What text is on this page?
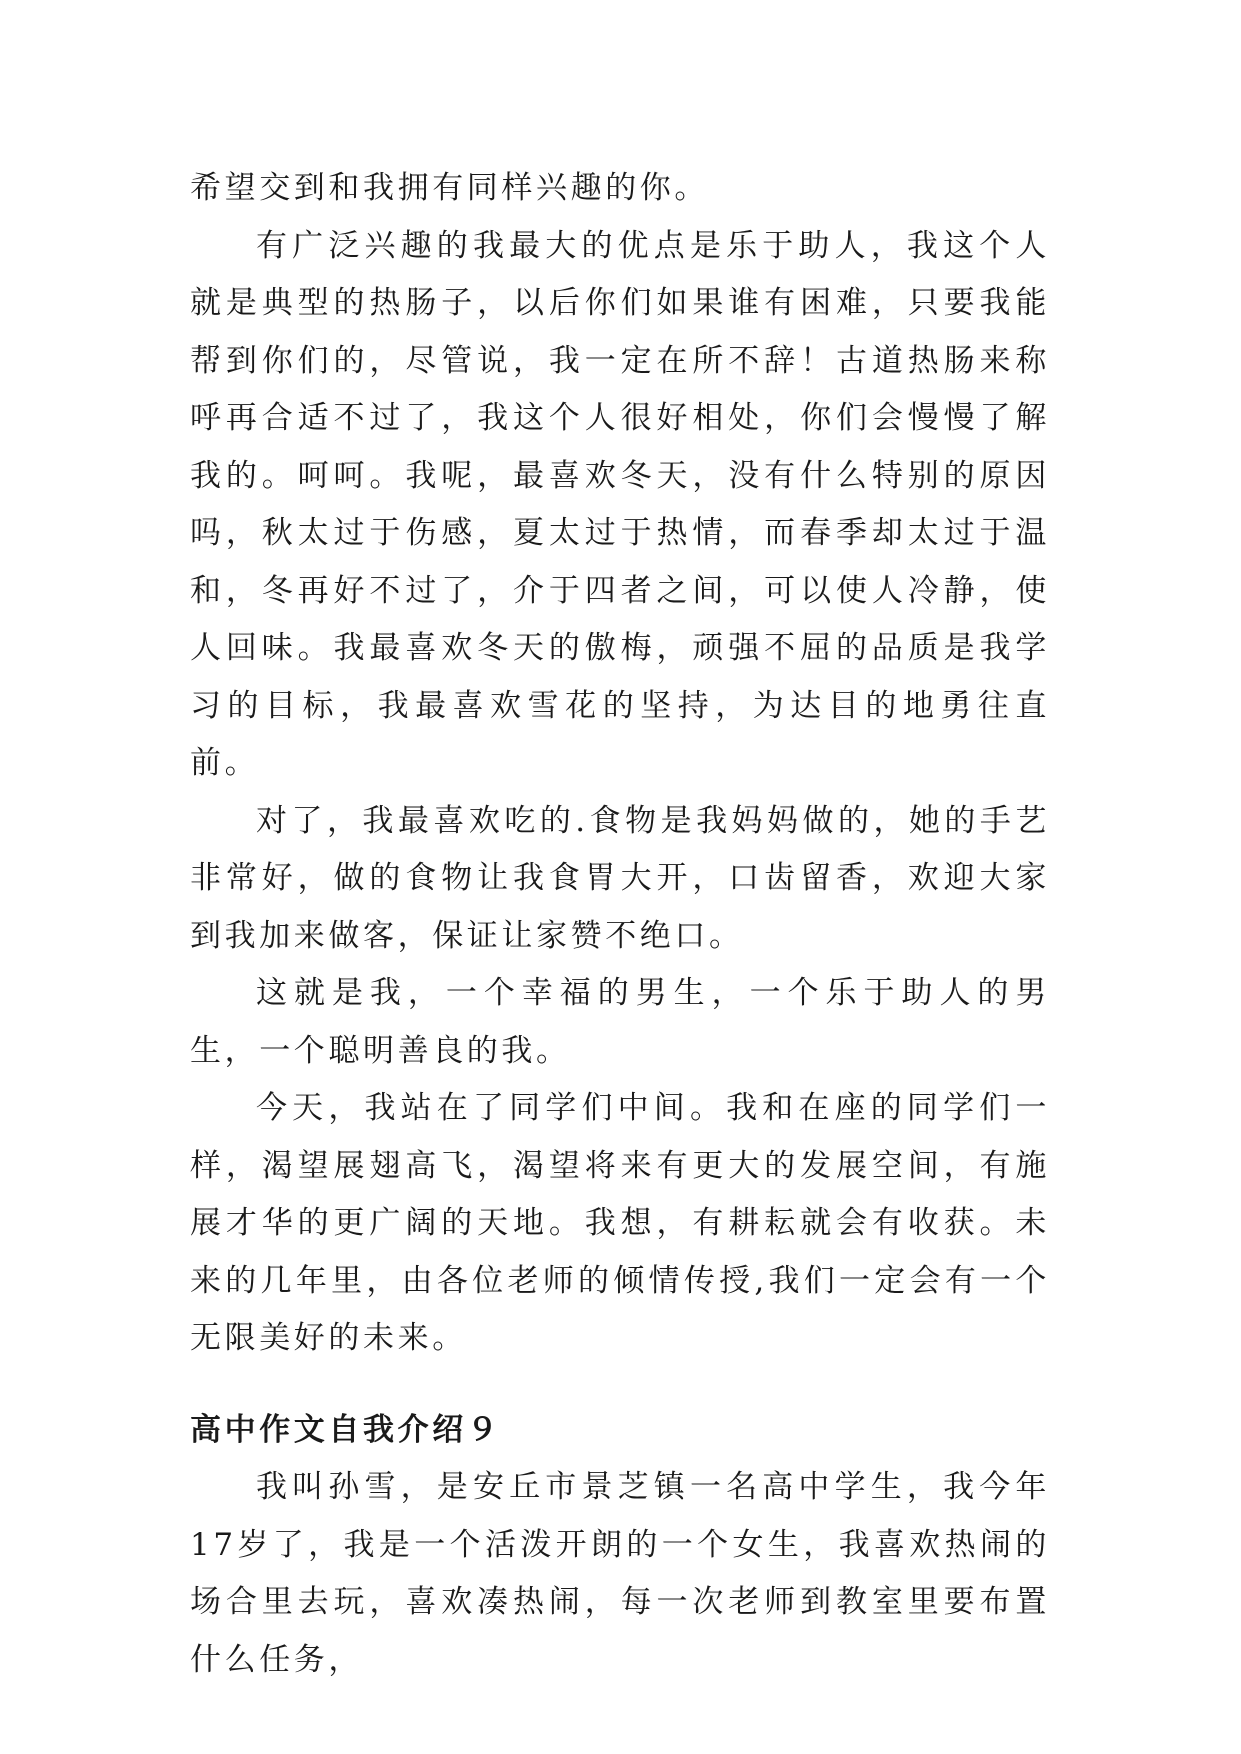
希望交到和我拥有同样兴趣的你。

有广泛兴趣的我最大的优点是乐于助人，我这个人就是典型的热肠子，以后你们如果谁有困难，只要我能帮到你们的，尽管说，我一定在所不辞！古道热肠来称呼再合适不过了，我这个人很好相处，你们会慢慢了解我的。呵呵。我呢，最喜欢冬天，没有什么特别的原因吗，秋太过于伤感，夏太过于热情，而春季却太过于温和，冬再好不过了，介于四者之间，可以使人冷静，使人回味。我最喜欢冬天的傲梅，顽强不屈的品质是我学习的目标，我最喜欢雪花的坚持，为达目的地勇往直前。

对了，我最喜欢吃的.食物是我妈妈做的，她的手艺非常好，做的食物让我食胃大开，口齿留香，欢迎大家到我加来做客，保证让家赞不绝口。

这就是我，一个幸福的男生，一个乐于助人的男生，一个聪明善良的我。

今天，我站在了同学们中间。我和在座的同学们一样，渴望展翅高飞，渴望将来有更大的发展空间，有施展才华的更广阔的天地。我想，有耕耘就会有收获。未来的几年里，由各位老师的倾情传授,我们一定会有一个无限美好的未来。

高中作文自我介绍９

我叫孙雪，是安丘市景芝镇一名高中学生，我今年17岁了，我是一个活泼开朗的一个女生，我喜欢热闹的场合里去玩，喜欢凑热闹，每一次老师到教室里要布置什么任务，
